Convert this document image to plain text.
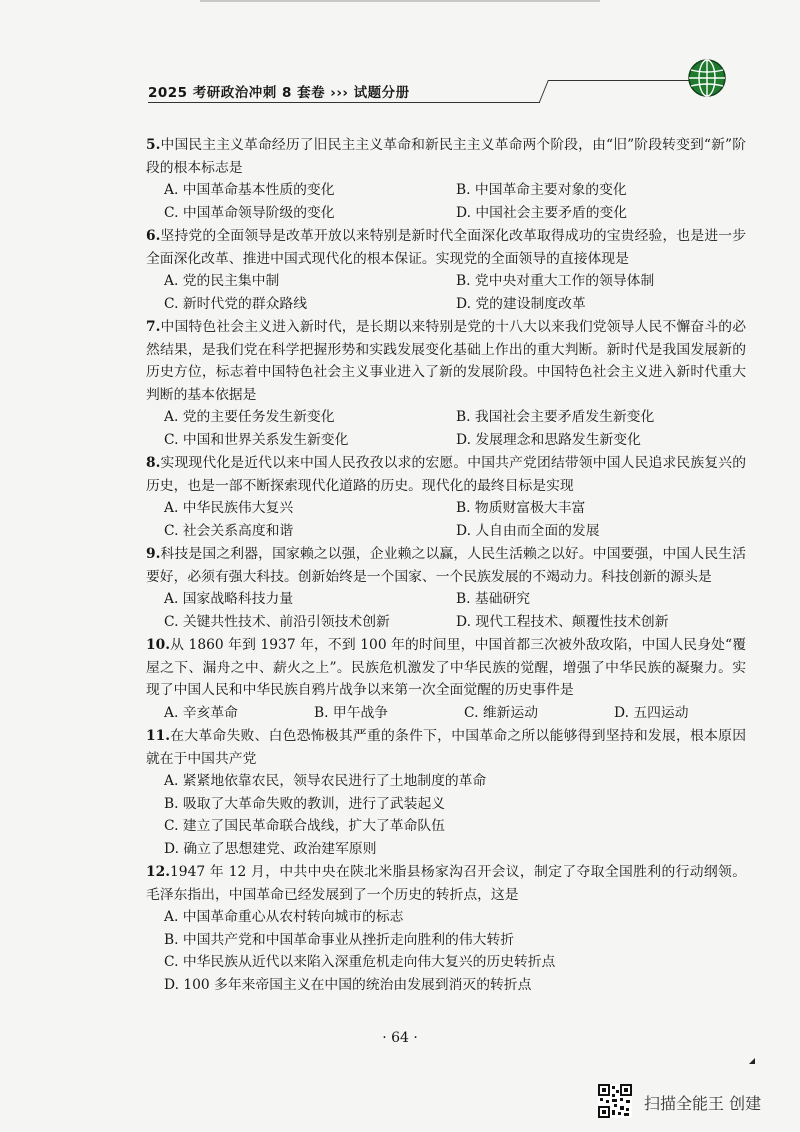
2025 考研政治冲刺 8 套卷 ››› 试题分册
5.中国民主主义革命经历了旧民主主义革命和新民主主义革命两个阶段，由“旧”阶段转变到“新”阶段的根本标志是
A. 中国革命基本性质的变化	B. 中国革命主要对象的变化
C. 中国革命领导阶级的变化	D. 中国社会主要矛盾的变化
6.坚持党的全面领导是改革开放以来特别是新时代全面深化改革取得成功的宝贵经验，也是进一步全面深化改革、推进中国式现代化的根本保证。实现党的全面领导的直接体现是
A. 党的民主集中制	B. 党中央对重大工作的领导体制
C. 新时代党的群众路线	D. 党的建设制度改革
7.中国特色社会主义进入新时代，是长期以来特别是党的十八大以来我们党领导人民不懈奋斗的必然结果，是我们党在科学把握形势和实践发展变化基础上作出的重大判断。新时代是我国发展新的历史方位，标志着中国特色社会主义事业进入了新的发展阶段。中国特色社会主义进入新时代重大判断的基本依据是
A. 党的主要任务发生新变化	B. 我国社会主要矛盾发生新变化
C. 中国和世界关系发生新变化	D. 发展理念和思路发生新变化
8.实现现代化是近代以来中国人民孜孜以求的宏愿。中国共产党团结带领中国人民追求民族复兴的历史，也是一部不断探索现代化道路的历史。现代化的最终目标是实现
A. 中华民族伟大复兴	B. 物质财富极大丰富
C. 社会关系高度和谐	D. 人自由而全面的发展
9.科技是国之利器，国家赖之以强，企业赖之以赢，人民生活赖之以好。中国要强，中国人民生活要好，必须有强大科技。创新始终是一个国家、一个民族发展的不竭动力。科技创新的源头是
A. 国家战略科技力量	B. 基础研究
C. 关键共性技术、前沿引领技术创新	D. 现代工程技术、颠覆性技术创新
10.从 1860 年到 1937 年，不到 100 年的时间里，中国首都三次被外敌攻陷，中国人民身处“覆屋之下、漏舟之中、薪火之上”。民族危机激发了中华民族的觉醒，增强了中华民族的凝聚力。实现了中国人民和中华民族自鸦片战争以来第一次全面觉醒的历史事件是
A. 辛亥革命	B. 甲午战争	C. 维新运动	D. 五四运动
11.在大革命失败、白色恐怖极其严重的条件下，中国革命之所以能够得到坚持和发展，根本原因就在于中国共产党
A. 紧紧地依靠农民，领导农民进行了土地制度的革命
B. 吸取了大革命失败的教训，进行了武装起义
C. 建立了国民革命联合战线，扩大了革命队伍
D. 确立了思想建党、政治建军原则
12.1947 年 12 月，中共中央在陕北米脂县杨家沟召开会议，制定了夺取全国胜利的行动纲领。毛泽东指出，中国革命已经发展到了一个历史的转折点，这是
A. 中国革命重心从农村转向城市的标志
B. 中国共产党和中国革命事业从挫折走向胜利的伟大转折
C. 中华民族从近代以来陷入深重危机走向伟大复兴的历史转折点
D. 100 多年来帝国主义在中国的统治由发展到消灭的转折点
· 64 ·
扫描全能王 创建
